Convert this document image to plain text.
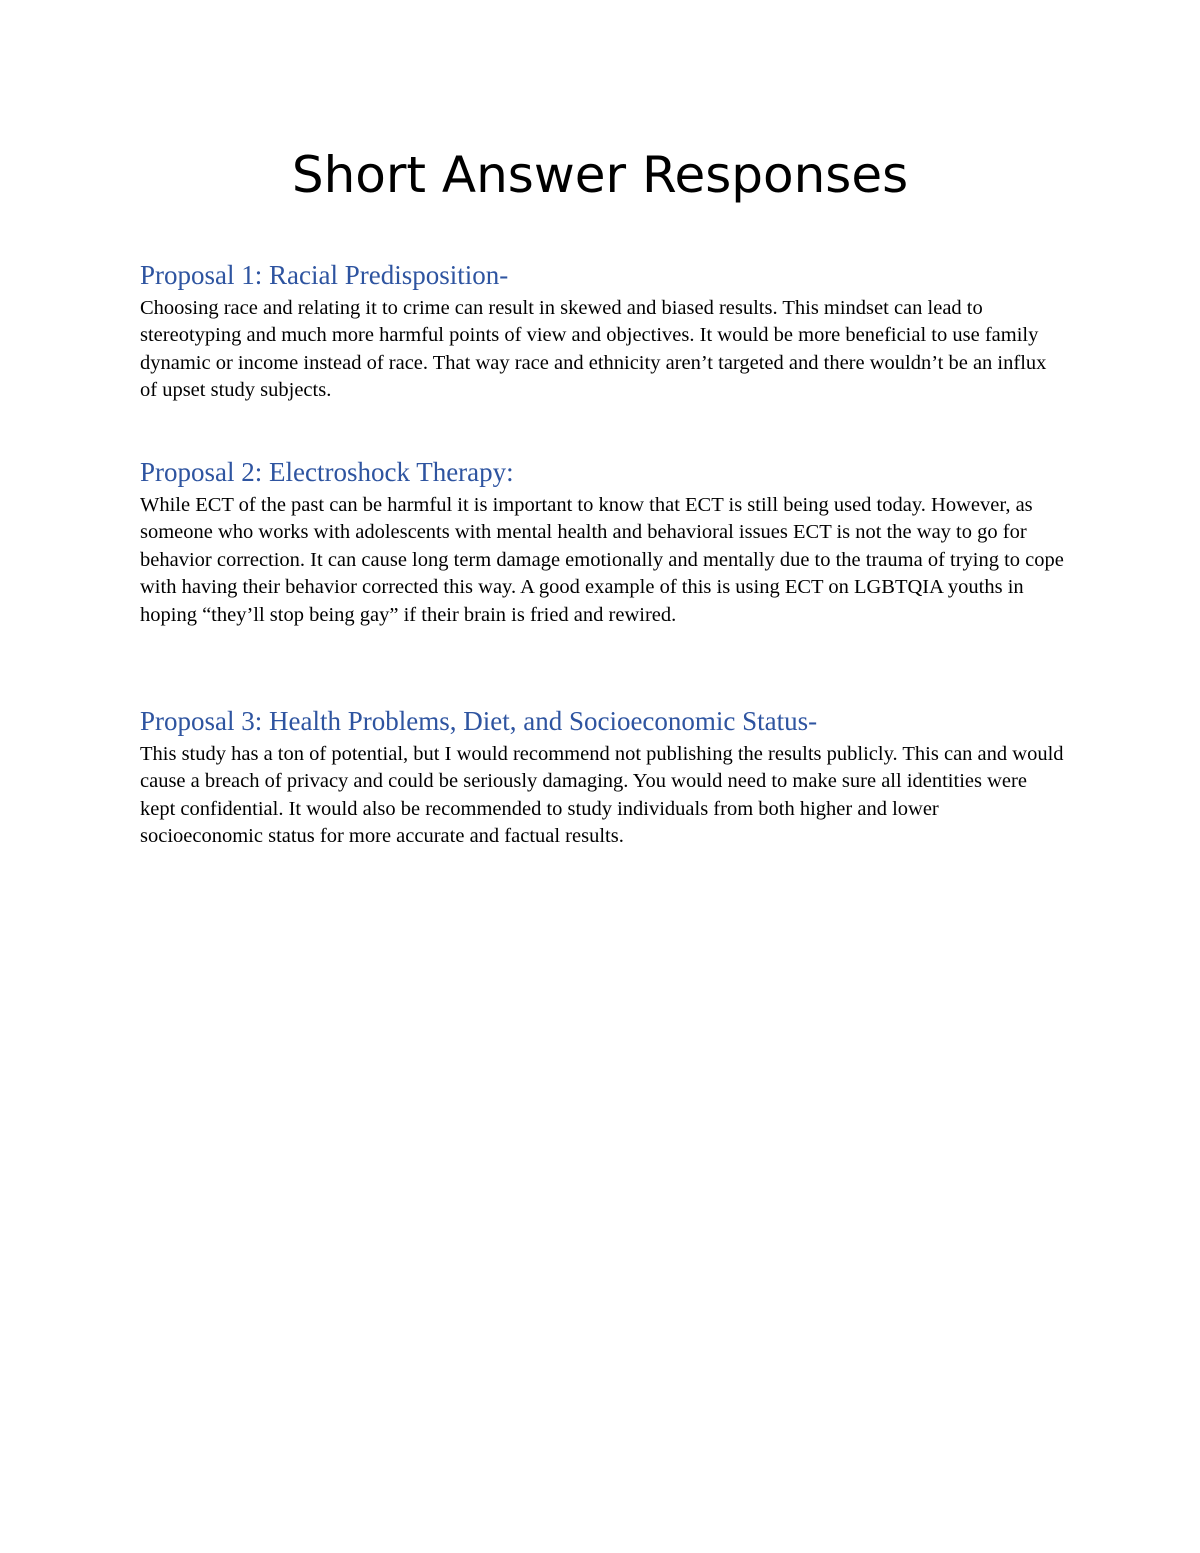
Short Answer Responses
Proposal 1: Racial Predisposition-

Choosing race and relating it to crime can result in skewed and biased results. This mindset can lead to stereotyping and much more harmful points of view and objectives. It would be more beneficial to use family dynamic or income instead of race. That way race and ethnicity aren’t targeted and there wouldn’t be an influx of upset study subjects.

Proposal 2: Electroshock Therapy:

While ECT of the past can be harmful it is important to know that ECT is still being used today. However, as someone who works with adolescents with mental health and behavioral issues ECT is not the way to go for behavior correction. It can cause long term damage emotionally and mentally due to the trauma of trying to cope with having their behavior corrected this way. A good example of this is using ECT on LGBTQIA youths in hoping “they’ll stop being gay” if their brain is fried and rewired.

Proposal 3: Health Problems, Diet, and Socioeconomic Status-

This study has a ton of potential, but I would recommend not publishing the results publicly. This can and would cause a breach of privacy and could be seriously damaging. You would need to make sure all identities were kept confidential. It would also be recommended to study individuals from both higher and lower socioeconomic status for more accurate and factual results.
